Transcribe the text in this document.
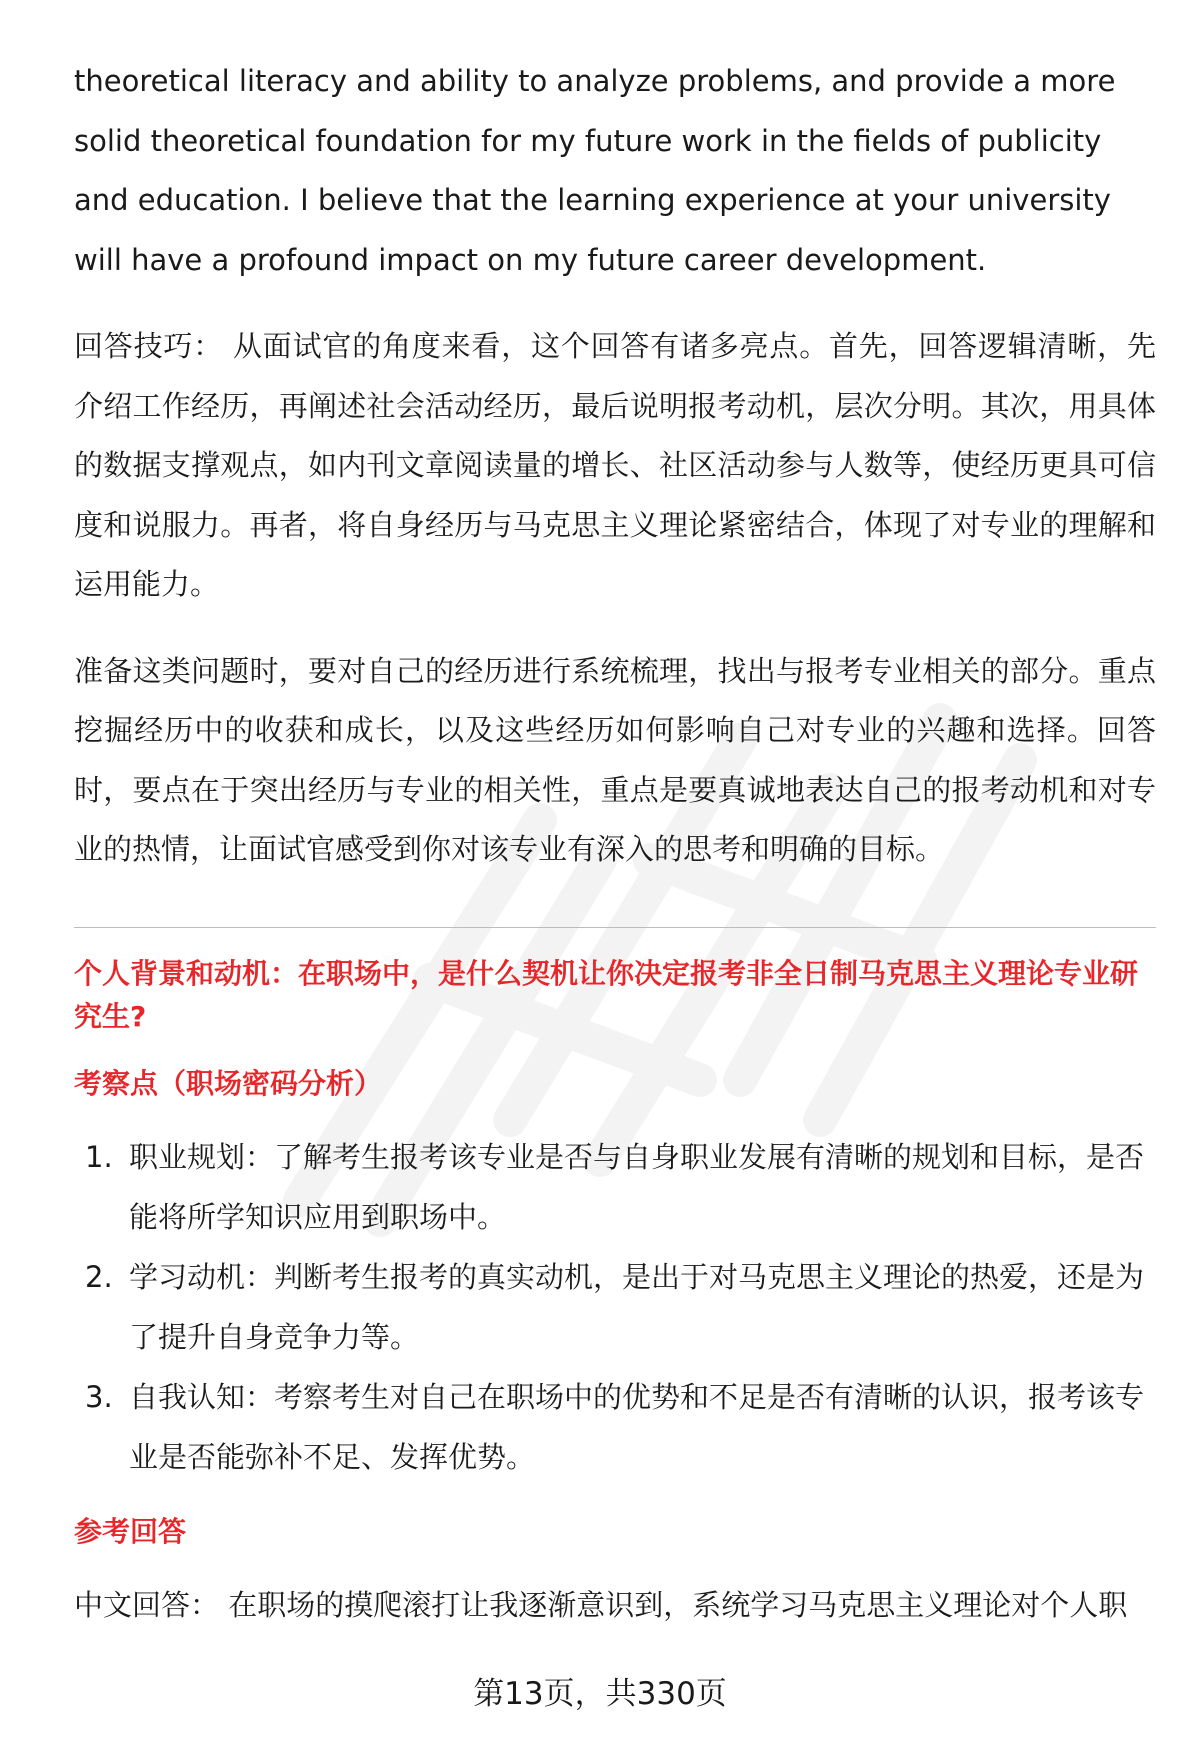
theoretical literacy and ability to analyze problems, and provide a more solid theoretical foundation for my future work in the fields of publicity and education. I believe that the learning experience at your university will have a profound impact on my future career development.

回答技巧： 从面试官的角度来看，这个回答有诸多亮点。首先，回答逻辑清晰，先介绍工作经历，再阐述社会活动经历，最后说明报考动机，层次分明。其次，用具体的数据支撑观点，如内刊文章阅读量的增长、社区活动参与人数等，使经历更具可信度和说服力。再者，将自身经历与马克思主义理论紧密结合，体现了对专业的理解和运用能力。

准备这类问题时，要对自己的经历进行系统梳理，找出与报考专业相关的部分。重点挖掘经历中的收获和成长，以及这些经历如何影响自己对专业的兴趣和选择。回答时，要点在于突出经历与专业的相关性，重点是要真诚地表达自己的报考动机和对专业的热情，让面试官感受到你对该专业有深入的思考和明确的目标。

个人背景和动机：在职场中，是什么契机让你决定报考非全日制马克思主义理论专业研究生?
考察点（职场密码分析）
1. 职业规划：了解考生报考该专业是否与自身职业发展有清晰的规划和目标，是否能将所学知识应用到职场中。
2. 学习动机：判断考生报考的真实动机，是出于对马克思主义理论的热爱，还是为了提升自身竞争力等。
3. 自我认知：考察考生对自己在职场中的优势和不足是否有清晰的认识，报考该专业是否能弥补不足、发挥优势。
参考回答

中文回答： 在职场的摸爬滚打让我逐渐意识到，系统学习马克思主义理论对个人职

第13页，共330页
